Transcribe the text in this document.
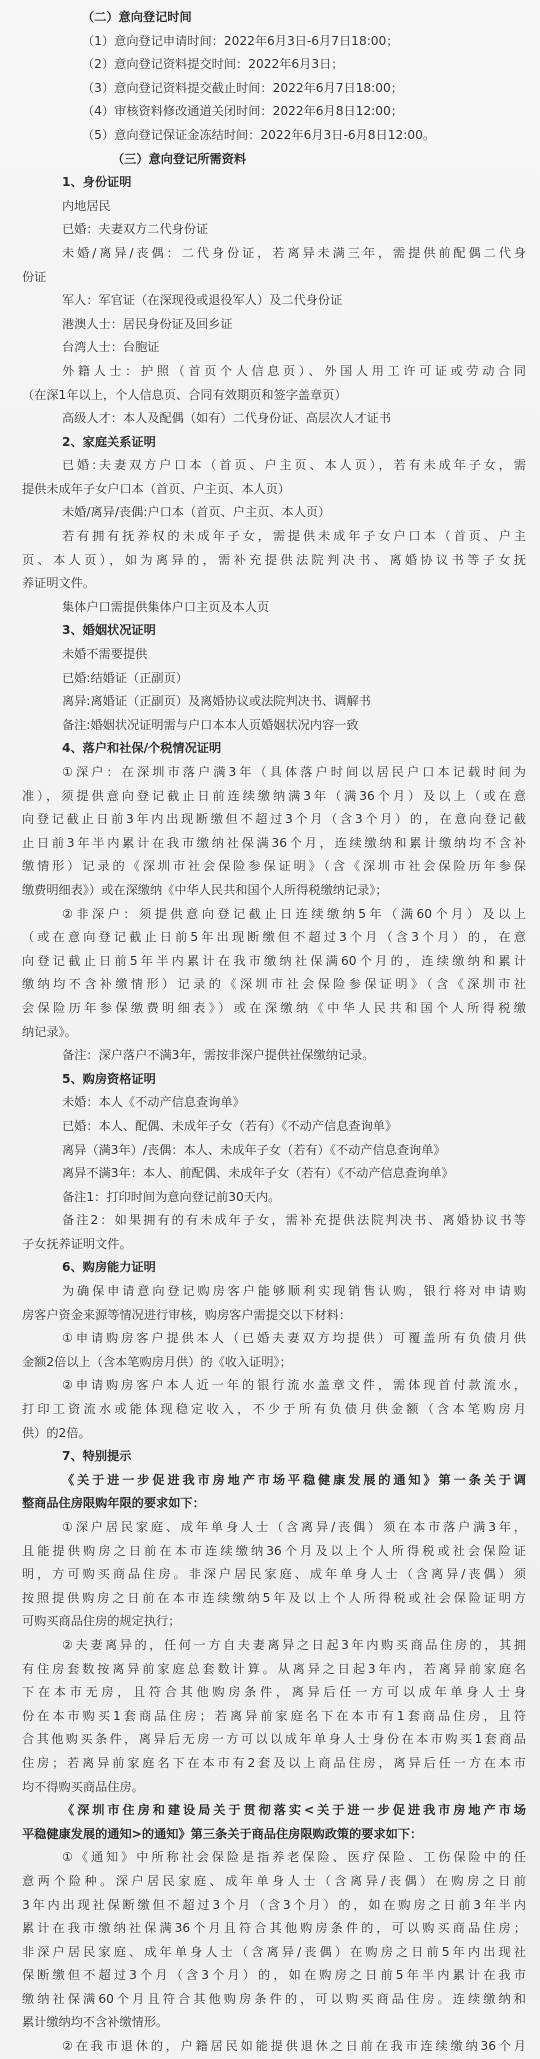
（二）意向登记时间
（1）意向登记申请时间：2022年6月3日-6月7日18:00；
（2）意向登记资料提交时间：2022年6月3日；
（3）意向登记资料提交截止时间：2022年6月7日18:00；
（4）审核资料修改通道关闭时间：2022年6月8日12:00；
（5）意向登记保证金冻结时间：2022年6月3日-6月8日12:00。
（三）意向登记所需资料
1、身份证明
内地居民
已婚：夫妻双方二代身份证
未婚/离异/丧偶：二代身份证，若离异未满三年，需提供前配偶二代身
份证
军人：军官证（在深现役或退役军人）及二代身份证
港澳人士：居民身份证及回乡证
台湾人士：台胞证
外籍人士：护照（首页个人信息页）、外国人用工许可证或劳动合同
（在深1年以上，个人信息页、合同有效期页和签字盖章页）
高级人才：本人及配偶（如有）二代身份证、高层次人才证书
2、家庭关系证明
已婚:夫妻双方户口本（首页、户主页、本人页），若有未成年子女，需
提供未成年子女户口本（首页、户主页、本人页）
未婚/离异/丧偶:户口本（首页、户主页、本人页）
若有拥有抚养权的未成年子女，需提供未成年子女户口本（首页、户主
页、本人页），如为离异的，需补充提供法院判决书、离婚协议书等子女抚
养证明文件。
集体户口需提供集体户口主页及本人页
3、婚姻状况证明
未婚不需要提供
已婚:结婚证（正副页）
离异:离婚证（正副页）及离婚协议或法院判决书、调解书
备注:婚姻状况证明需与户口本本人页婚姻状况内容一致
4、落户和社保/个税情况证明
①深户：在深圳市落户满3年（具体落户时间以居民户口本记载时间为
准），须提供意向登记截止日前连续缴纳满3年（满36个月）及以上（或在意
向登记截止日前3年内出现断缴但不超过3个月（含3个月）的，在意向登记截
止日前3年半内累计在我市缴纳社保满36个月，连续缴纳和累计缴纳均不含补
缴情形）记录的《深圳市社会保险参保证明》（含《深圳市社会保险历年参保
缴费明细表》）或在深缴纳《中华人民共和国个人所得税缴纳记录》；
②非深户：须提供意向登记截止日连续缴纳5年（满60个月）及以上
（或在意向登记截止日前5年出现断缴但不超过3个月（含3个月）的，在意
向登记截止日前5年半内累计在我市缴纳社保满60个月的，连续缴纳和累计
缴纳均不含补缴情形）记录的《深圳市社会保险参保证明》（含《深圳市社
会保险历年参保缴费明细表》）或在深缴纳《中华人民共和国个人所得税缴
纳记录》。
备注：深户落户不满3年，需按非深户提供社保缴纳记录。
5、购房资格证明
未婚：本人《不动产信息查询单》
已婚：本人、配偶、未成年子女（若有）《不动产信息查询单》
离异（满3年）/丧偶：本人、未成年子女（若有）《不动产信息查询单》
离异不满3年：本人、前配偶、未成年子女（若有）《不动产信息查询单》
备注1：打印时间为意向登记前30天内。
备注2：如果拥有的有未成年子女，需补充提供法院判决书、离婚协议书等
子女抚养证明文件。
6、购房能力证明
为确保申请意向登记购房客户能够顺利实现销售认购，银行将对申请购
房客户资金来源等情况进行审核，购房客户需提交以下材料：
①申请购房客户提供本人（已婚夫妻双方均提供）可覆盖所有负债月供
金额2倍以上（含本笔购房月供）的《收入证明》；
②申请购房客户本人近一年的银行流水盖章文件，需体现首付款流水，
打印工资流水或能体现稳定收入，不少于所有负债月供金额（含本笔购房月
供）的2倍。
7、特别提示
《关于进一步促进我市房地产市场平稳健康发展的通知》第一条关于调
整商品住房限购年限的要求如下：
①深户居民家庭、成年单身人士（含离异/丧偶）须在本市落户满3年，
且能提供购房之日前在本市连续缴纳36个月及以上个人所得税或社会保险证
明，方可购买商品住房。非深户居民家庭、成年单身人士（含离异/丧偶）须
按照提供购房之日前在本市连续缴纳5年及以上个人所得税或社会保险证明方
可购买商品住房的规定执行；
②夫妻离异的，任何一方自夫妻离异之日起3年内购买商品住房的，其拥
有住房套数按离异前家庭总套数计算。从离异之日起3年内，若离异前家庭名
下在本市无房，且符合其他购房条件，离异后任一方可以成年单身人士身
份在本市购买1套商品住房；若离异前家庭名下在本市有1套商品住房，且符
合其他购买条件，离异后无房一方可以以成年单身人士身份在本市购买1套商品
住房；若离异前家庭名下在本市有2套及以上商品住房，离异后任一方在本市
均不得购买商品住房。
《深圳市住房和建设局关于贯彻落实<关于进一步促进我市房地产市场
平稳健康发展的通知>的通知》第三条关于商品住房限购政策的要求如下：
①《通知》中所称社会保险是指养老保险、医疗保险、工伤保险中的任
意两个险种。深户居民家庭、成年单身人士（含离异/丧偶）在购房之日前
3年内出现社保断缴但不超过3个月（含3个月）的，如在购房之日前3年半内
累计在我市缴纳社保满36个月且符合其他购房条件的，可以购买商品住房；
非深户居民家庭、成年单身人士（含离异/丧偶）在购房之日前5年内出现社
保断缴但不超过3个月（含3个月）的，如在购房之日前5年半内累计在我市
缴纳社保满60个月且符合其他购房条件的，可以购买商品住房。连续缴纳和
累计缴纳均不含补缴情形。
②在我市退休的，户籍居民如能提供退休之日前在我市连续缴纳36个月
